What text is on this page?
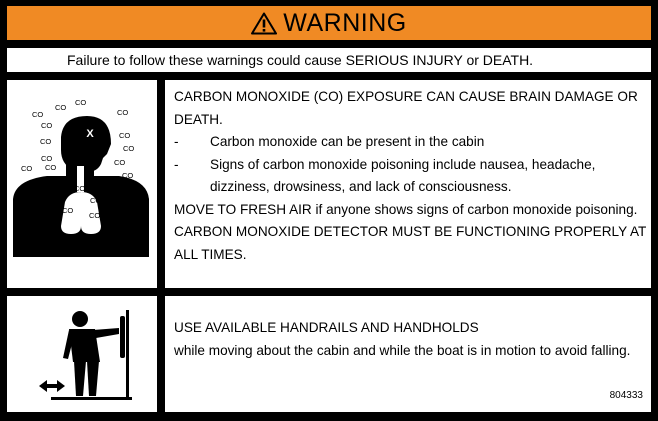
WARNING
Failure to follow these warnings could cause SERIOUS INJURY or DEATH.
X
CO
CO
CO	CO
CO
CO
CO
CO
CO	CO
CO
CO CO
CO
CO
CO
CO
CO
CO	CO
CARBON MONOXIDE (CO) EXPOSURE CAN CAUSE BRAIN DAMAGE OR DEATH.
-	Carbon monoxide can be present in the cabin
-	Signs of carbon monoxide poisoning include nausea, headache, dizziness, drowsiness, and lack of consciousness.
MOVE TO FRESH AIR if anyone shows signs of carbon monoxide poisoning.
CARBON MONOXIDE DETECTOR MUST BE FUNCTIONING PROPERLY AT ALL TIMES.
USE AVAILABLE HANDRAILS AND HANDHOLDS
while moving about the cabin and while the boat is in motion to avoid falling.
804333
